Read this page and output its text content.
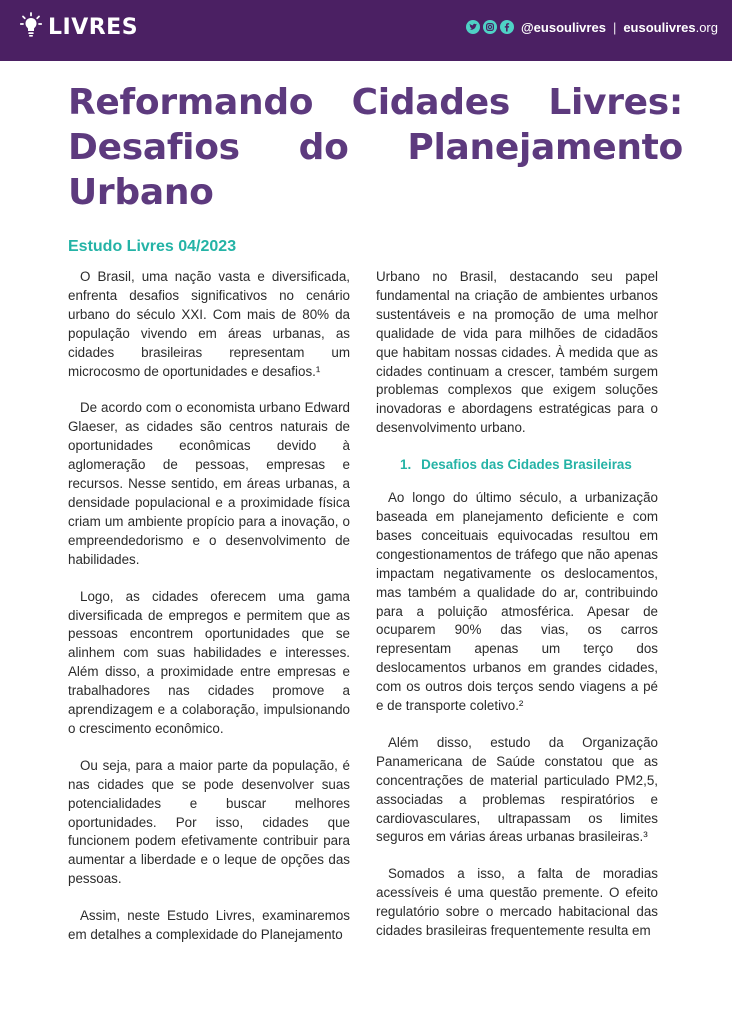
LIVRES	@eusoulivres | eusoulivres.org
Reformando Cidades Livres: Desafios do Planejamento Urbano
Estudo Livres 04/2023

O Brasil, uma nação vasta e diversificada, enfrenta desafios significativos no cenário urbano do século XXI. Com mais de 80% da população vivendo em áreas urbanas, as cidades brasileiras representam um microcosmo de oportunidades e desafios.¹

De acordo com o economista urbano Edward Glaeser, as cidades são centros naturais de oportunidades econômicas devido à aglomeração de pessoas, empresas e recursos. Nesse sentido, em áreas urbanas, a densidade populacional e a proximidade física criam um ambiente propício para a inovação, o empreendedorismo e o desenvolvimento de habilidades.

Logo, as cidades oferecem uma gama diversificada de empregos e permitem que as pessoas encontrem oportunidades que se alinhem com suas habilidades e interesses. Além disso, a proximidade entre empresas e trabalhadores nas cidades promove a aprendizagem e a colaboração, impulsionando o crescimento econômico.

Ou seja, para a maior parte da população, é nas cidades que se pode desenvolver suas potencialidades e buscar melhores oportunidades. Por isso, cidades que funcionem podem efetivamente contribuir para aumentar a liberdade e o leque de opções das pessoas.

Assim, neste Estudo Livres, examinaremos em detalhes a complexidade do Planejamento

Urbano no Brasil, destacando seu papel fundamental na criação de ambientes urbanos sustentáveis e na promoção de uma melhor qualidade de vida para milhões de cidadãos que habitam nossas cidades. À medida que as cidades continuam a crescer, também surgem problemas complexos que exigem soluções inovadoras e abordagens estratégicas para o desenvolvimento urbano.

1. Desafios das Cidades Brasileiras

Ao longo do último século, a urbanização baseada em planejamento deficiente e com bases conceituais equivocadas resultou em congestionamentos de tráfego que não apenas impactam negativamente os deslocamentos, mas também a qualidade do ar, contribuindo para a poluição atmosférica. Apesar de ocuparem 90% das vias, os carros representam apenas um terço dos deslocamentos urbanos em grandes cidades, com os outros dois terços sendo viagens a pé e de transporte coletivo.²

Além disso, estudo da Organização Panamericana de Saúde constatou que as concentrações de material particulado PM2,5, associadas a problemas respiratórios e cardiovasculares, ultrapassam os limites seguros em várias áreas urbanas brasileiras.³

Somados a isso, a falta de moradias acessíveis é uma questão premente. O efeito regulatório sobre o mercado habitacional das cidades brasileiras frequentemente resulta em
